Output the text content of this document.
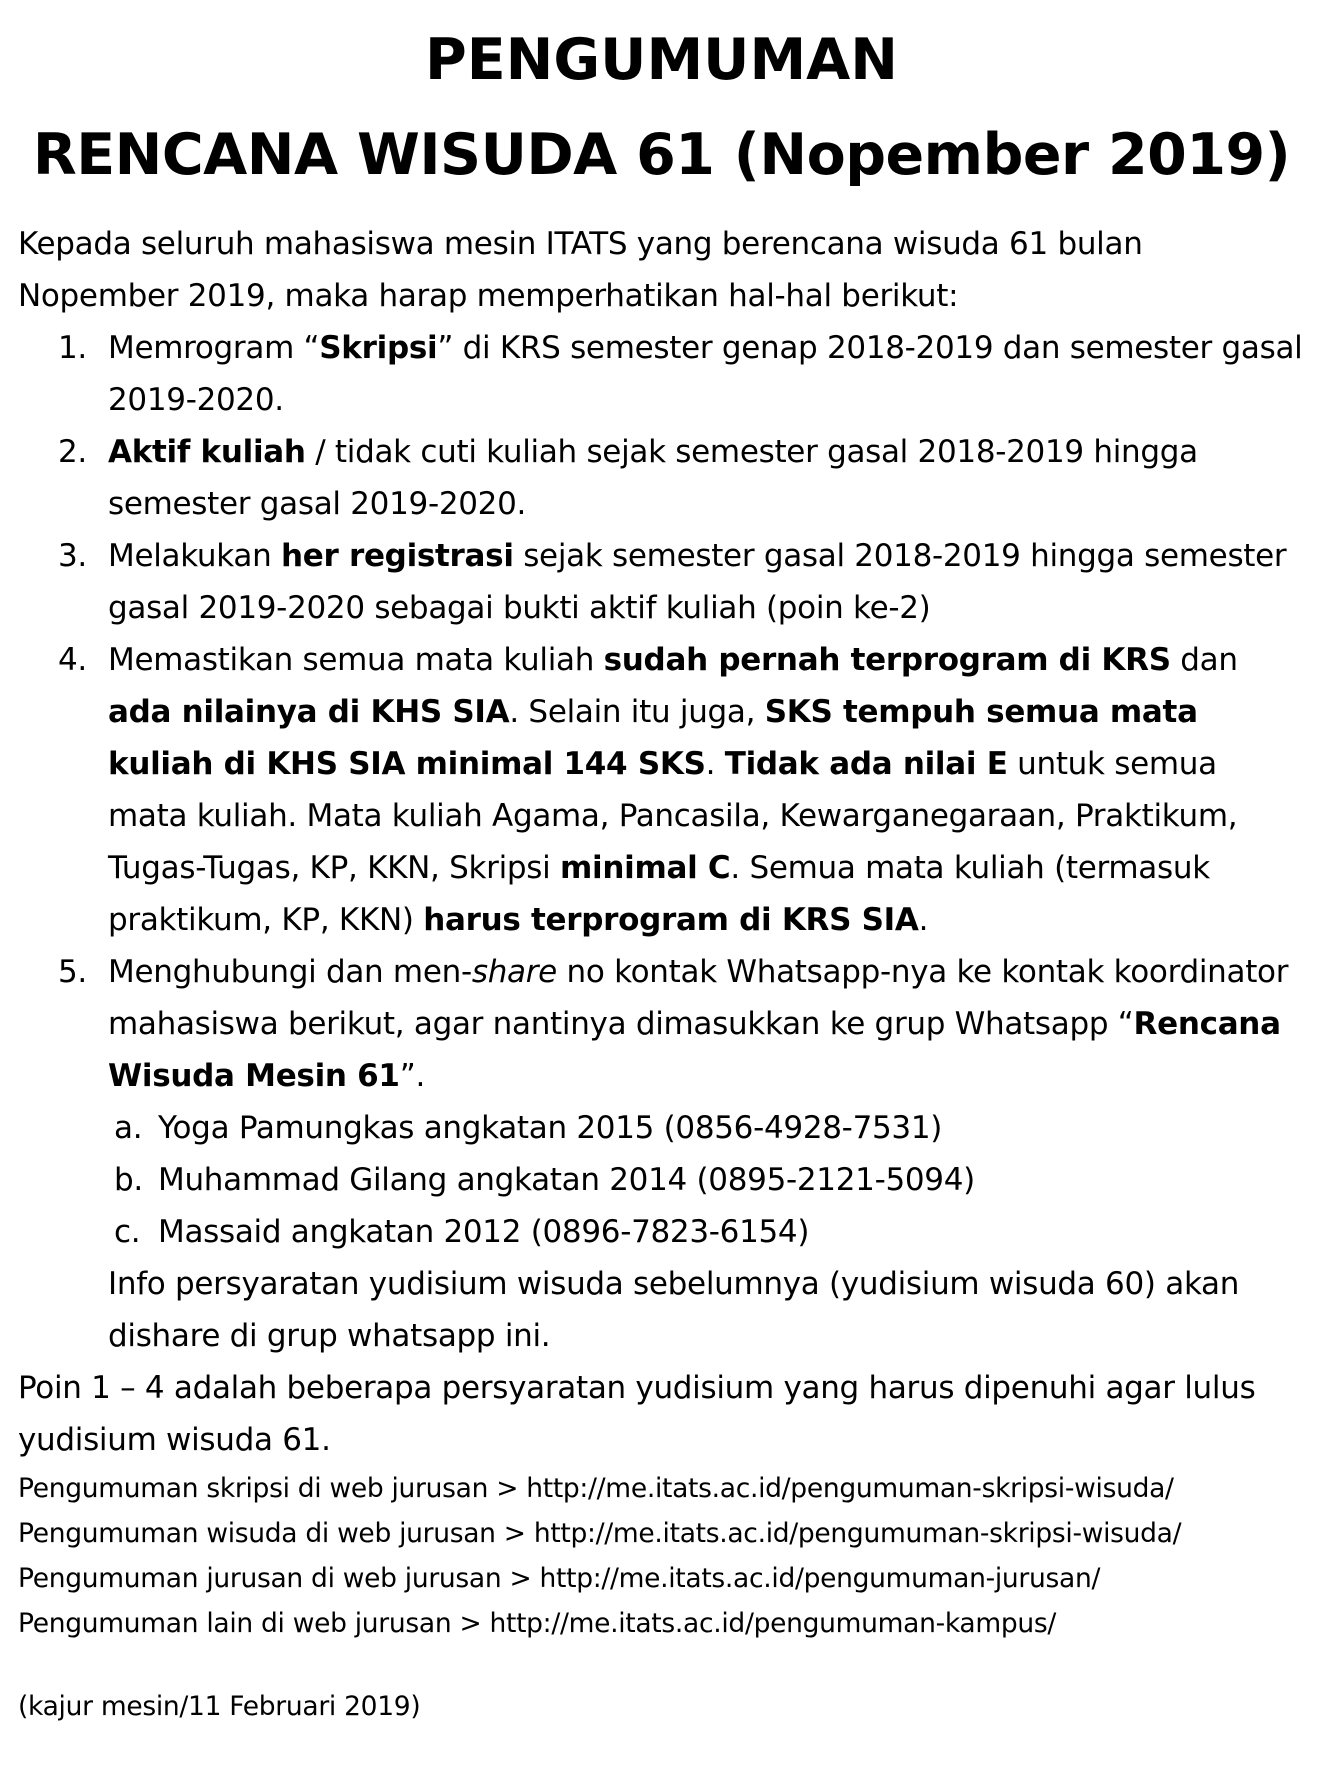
PENGUMUMAN
RENCANA WISUDA 61 (Nopember 2019)
Kepada seluruh mahasiswa mesin ITATS yang berencana wisuda 61 bulan Nopember 2019, maka harap memperhatikan hal-hal berikut:
1. Memrogram “Skripsi” di KRS semester genap 2018-2019 dan semester gasal 2019-2020.
2. Aktif kuliah / tidak cuti kuliah sejak semester gasal 2018-2019 hingga semester gasal 2019-2020.
3. Melakukan her registrasi sejak semester gasal 2018-2019 hingga semester gasal 2019-2020 sebagai bukti aktif kuliah (poin ke-2)
4. Memastikan semua mata kuliah sudah pernah terprogram di KRS dan ada nilainya di KHS SIA. Selain itu juga, SKS tempuh semua mata kuliah di KHS SIA minimal 144 SKS. Tidak ada nilai E untuk semua mata kuliah. Mata kuliah Agama, Pancasila, Kewarganegaraan, Praktikum, Tugas-Tugas, KP, KKN, Skripsi minimal C. Semua mata kuliah (termasuk praktikum, KP, KKN) harus terprogram di KRS SIA.
5. Menghubungi dan men-share no kontak Whatsapp-nya ke kontak koordinator mahasiswa berikut, agar nantinya dimasukkan ke grup Whatsapp “Rencana Wisuda Mesin 61”.
a. Yoga Pamungkas angkatan 2015 (0856-4928-7531)
b. Muhammad Gilang angkatan 2014 (0895-2121-5094)
c. Massaid angkatan 2012 (0896-7823-6154)
Info persyaratan yudisium wisuda sebelumnya (yudisium wisuda 60) akan dishare di grup whatsapp ini.
Poin 1 – 4 adalah beberapa persyaratan yudisium yang harus dipenuhi agar lulus yudisium wisuda 61.
Pengumuman skripsi di web jurusan > http://me.itats.ac.id/pengumuman-skripsi-wisuda/
Pengumuman wisuda di web jurusan > http://me.itats.ac.id/pengumuman-skripsi-wisuda/
Pengumuman jurusan di web jurusan > http://me.itats.ac.id/pengumuman-jurusan/
Pengumuman lain di web jurusan > http://me.itats.ac.id/pengumuman-kampus/
(kajur mesin/11 Februari 2019)
